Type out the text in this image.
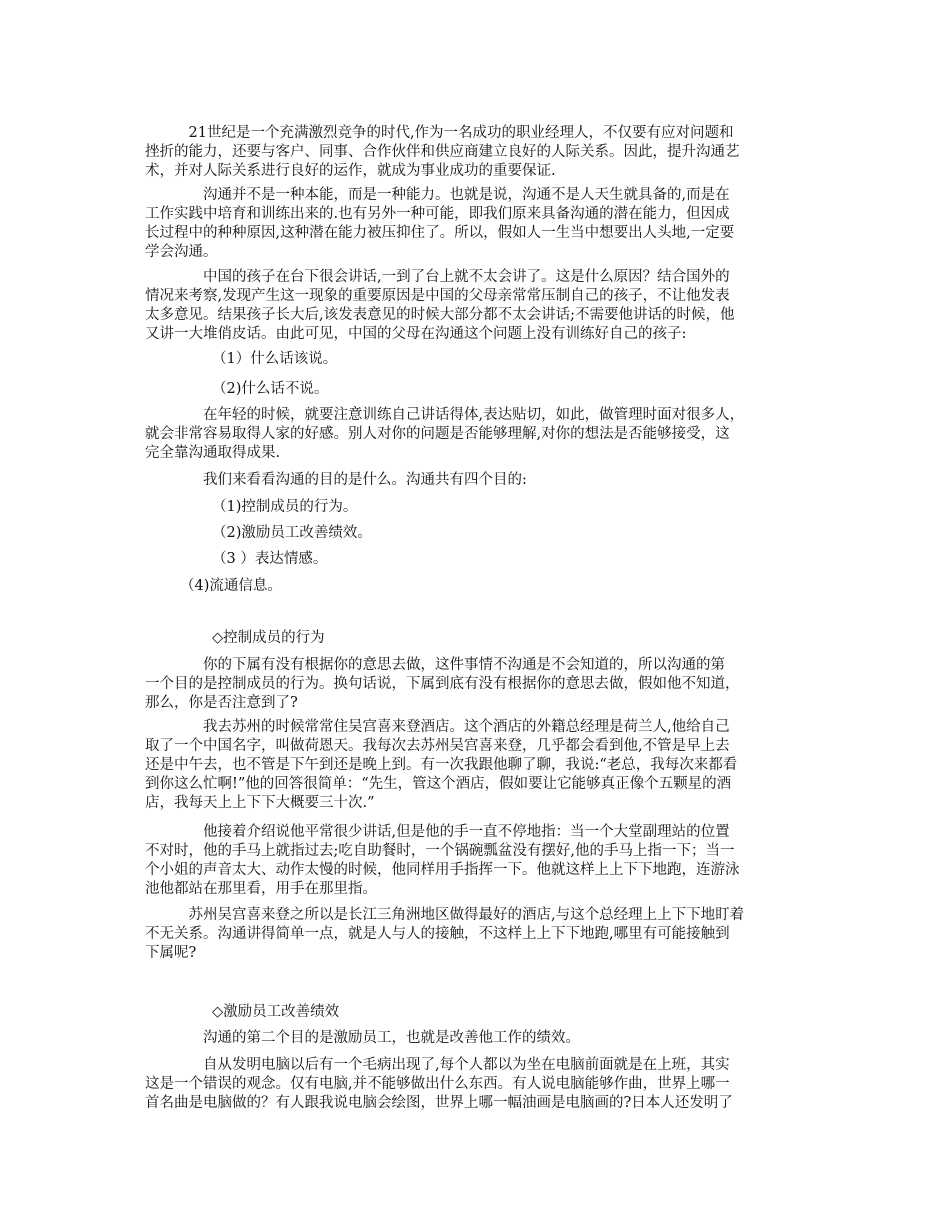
　　　21世纪是一个充满激烈竞争的时代,作为一名成功的职业经理人，不仅要有应对问题和
挫折的能力，还要与客户、同事、合作伙伴和供应商建立良好的人际关系。因此，提升沟通艺
术，并对人际关系进行良好的运作，就成为事业成功的重要保证.
　　　　沟通并不是一种本能，而是一种能力。也就是说，沟通不是人天生就具备的,而是在
工作实践中培育和训练出来的.也有另外一种可能，即我们原来具备沟通的潜在能力，但因成
长过程中的种种原因,这种潜在能力被压抑住了。所以，假如人一生当中想要出人头地,一定要
学会沟通。
　　　　中国的孩子在台下很会讲话,一到了台上就不太会讲了。这是什么原因？结合国外的
情况来考察,发现产生这一现象的重要原因是中国的父母亲常常压制自己的孩子，不让他发表
太多意见。结果孩子长大后,该发表意见的时候大部分都不太会讲话;不需要他讲话的时候，他
又讲一大堆俏皮话。由此可见，中国的父母在沟通这个问题上没有训练好自己的孩子:

（1）什么话该说。

（2)什么话不说。

　　　　在年轻的时候，就要注意训练自己讲话得体,表达贴切，如此，做管理时面对很多人，
就会非常容易取得人家的好感。别人对你的问题是否能够理解,对你的想法是否能够接受，这
完全靠沟通取得成果.

　　　　我们来看看沟通的目的是什么。沟通共有四个目的:

（1)控制成员的行为。

（2)激励员工改善绩效。

（3 ）表达情感。

（4)流通信息。

◇控制成员的行为

　　　　你的下属有没有根据你的意思去做，这件事情不沟通是不会知道的，所以沟通的第
一个目的是控制成员的行为。换句话说，下属到底有没有根据你的意思去做，假如他不知道，
那么，你是否注意到了?
　　　　我去苏州的时候常常住吴宫喜来登酒店。这个酒店的外籍总经理是荷兰人,他给自己
取了一个中国名字，叫做荷恩天。我每次去苏州吴宫喜来登，几乎都会看到他,不管是早上去
还是中午去，也不管是下午到还是晚上到。有一次我跟他聊了聊，我说:“老总，我每次来都看
到你这么忙啊!”他的回答很简单：“先生，管这个酒店，假如要让它能够真正像个五颗星的酒
店，我每天上上下下大概要三十次.”
　　　　他接着介绍说他平常很少讲话,但是他的手一直不停地指：当一个大堂副理站的位置
不对时，他的手马上就指过去;吃自助餐时，一个锅碗瓢盆没有摆好,他的手马上指一下；当一
个小姐的声音太大、动作太慢的时候，他同样用手指挥一下。他就这样上上下下地跑，连游泳
池他都站在那里看，用手在那里指。
　　　苏州吴宫喜来登之所以是长江三角洲地区做得最好的酒店,与这个总经理上上下下地盯着
不无关系。沟通讲得简单一点，就是人与人的接触，不这样上上下下地跑,哪里有可能接触到
下属呢?

◇激励员工改善绩效

　　　　沟通的第二个目的是激励员工，也就是改善他工作的绩效。

　　　　自从发明电脑以后有一个毛病出现了,每个人都以为坐在电脑前面就是在上班，其实
这是一个错误的观念。仅有电脑,并不能够做出什么东西。有人说电脑能够作曲，世界上哪一
首名曲是电脑做的？有人跟我说电脑会绘图，世界上哪一幅油画是电脑画的?日本人还发明了
